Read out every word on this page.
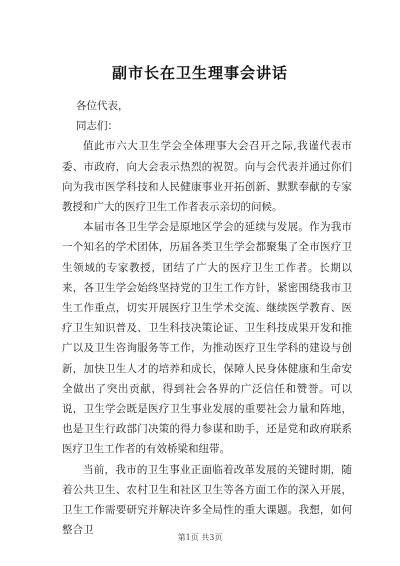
副市长在卫生理事会讲话

各位代表，

同志们：

值此市六大卫生学会全体理事大会召开之际,我谨代表市委、市政府，向大会表示热烈的祝贺。向与会代表并通过你们向为我市医学科技和人民健康事业开拓创新、默默奉献的专家教授和广大的医疗卫生工作者表示亲切的问候。

本届市各卫生学会是原地区学会的延续与发展。作为我市一个知名的学术团体，历届各类卫生学会都聚集了全市医疗卫生领域的专家教授，团结了广大的医疗卫生工作者。长期以来，各卫生学会始终坚持党的卫生工作方针，紧密围绕我市卫生工作重点，切实开展医疗卫生学术交流、继续医学教育、医疗卫生知识普及、卫生科技决策论证、卫生科技成果开发和推广以及卫生咨询服务等工作，为推动医疗卫生学科的建设与创新，加快卫生人才的培养和成长，保障人民身体健康和生命安全做出了突出贡献，得到社会各界的广泛信任和赞誉。可以说，卫生学会既是医疗卫生事业发展的重要社会力量和阵地，也是卫生行政部门决策的得力参谋和助手，还是党和政府联系医疗卫生工作者的有效桥梁和纽带。

当前，我市的卫生事业正面临着改革发展的关键时期，随着公共卫生、农村卫生和社区卫生等各方面工作的深入开展，卫生工作需要研究并解决许多全局性的重大课题。我想，如何整合卫

第1页 共3页
